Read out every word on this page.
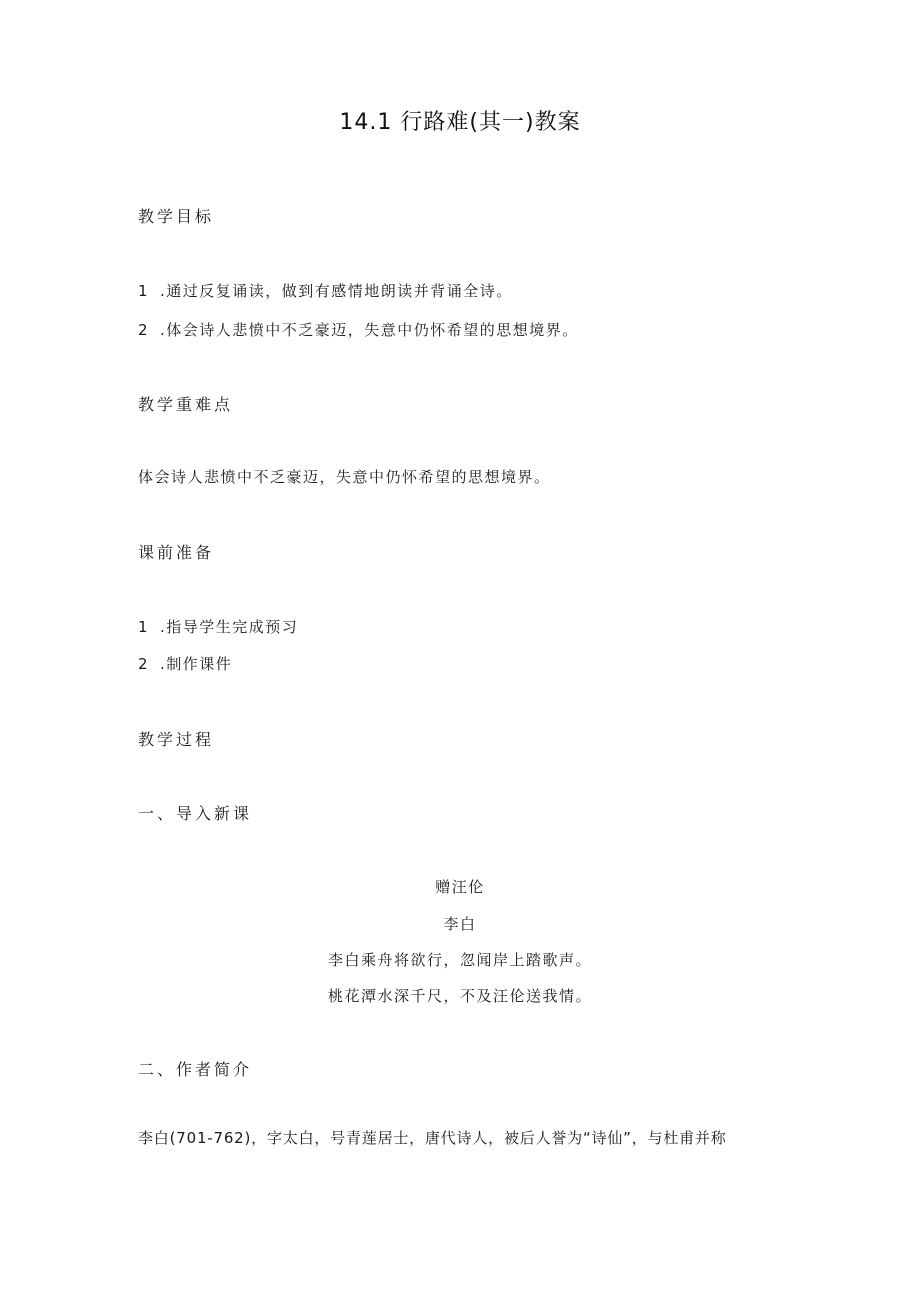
14.1 行路难(其一)教案
教学目标
1 .通过反复诵读，做到有感情地朗读并背诵全诗。
2 .体会诗人悲愤中不乏豪迈，失意中仍怀希望的思想境界。
教学重难点
体会诗人悲愤中不乏豪迈，失意中仍怀希望的思想境界。
课前准备
1 .指导学生完成预习
2 .制作课件
教学过程
一、导入新课
赠汪伦
李白
李白乘舟将欲行，忽闻岸上踏歌声。
桃花潭水深千尺，不及汪伦送我情。
二、作者简介
李白(701-762)，字太白，号青莲居士，唐代诗人，被后人誉为“诗仙”，与杜甫并称
